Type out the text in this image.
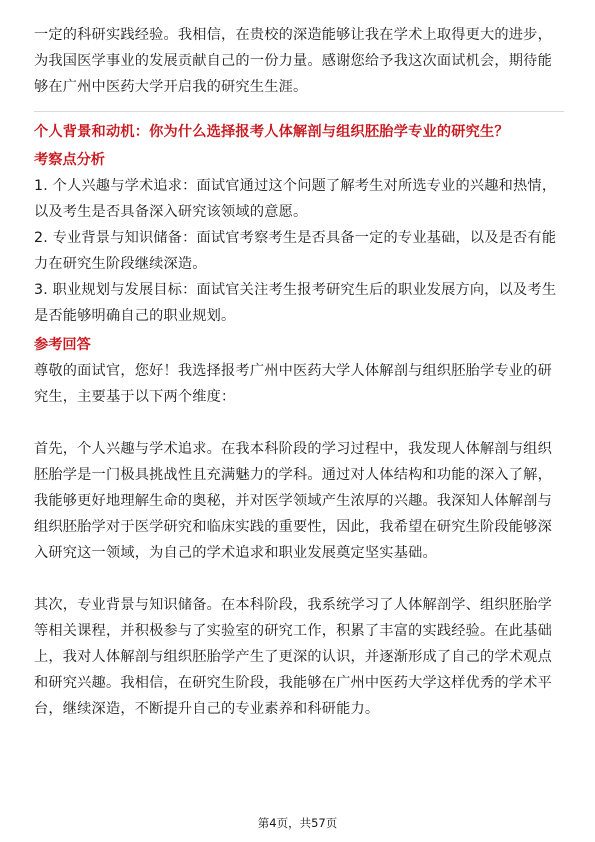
一定的科研实践经验。我相信，在贵校的深造能够让我在学术上取得更大的进步，为我国医学事业的发展贡献自己的一份力量。感谢您给予我这次面试机会，期待能够在广州中医药大学开启我的研究生生涯。

个人背景和动机：你为什么选择报考人体解剖与组织胚胎学专业的研究生？

考察点分析

1. 个人兴趣与学术追求：面试官通过这个问题了解考生对所选专业的兴趣和热情，以及考生是否具备深入研究该领域的意愿。

2. 专业背景与知识储备：面试官考察考生是否具备一定的专业基础，以及是否有能力在研究生阶段继续深造。

3. 职业规划与发展目标：面试官关注考生报考研究生后的职业发展方向，以及考生是否能够明确自己的职业规划。

参考回答

尊敬的面试官，您好！我选择报考广州中医药大学人体解剖与组织胚胎学专业的研究生，主要基于以下两个维度：

首先，个人兴趣与学术追求。在我本科阶段的学习过程中，我发现人体解剖与组织胚胎学是一门极具挑战性且充满魅力的学科。通过对人体结构和功能的深入了解，我能够更好地理解生命的奥秘，并对医学领域产生浓厚的兴趣。我深知人体解剖与组织胚胎学对于医学研究和临床实践的重要性，因此，我希望在研究生阶段能够深入研究这一领域，为自己的学术追求和职业发展奠定坚实基础。

其次，专业背景与知识储备。在本科阶段，我系统学习了人体解剖学、组织胚胎学等相关课程，并积极参与了实验室的研究工作，积累了丰富的实践经验。在此基础上，我对人体解剖与组织胚胎学产生了更深的认识，并逐渐形成了自己的学术观点和研究兴趣。我相信，在研究生阶段，我能够在广州中医药大学这样优秀的学术平台，继续深造，不断提升自己的专业素养和科研能力。

第4页，共57页
